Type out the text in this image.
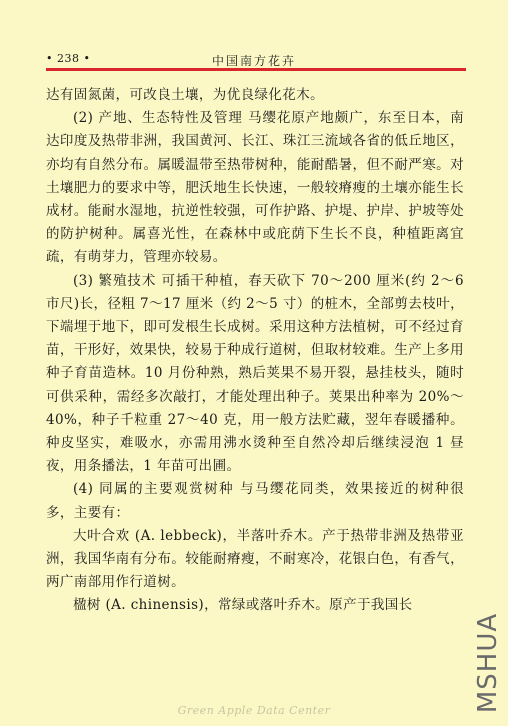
• 238 •	中国南方花卉

达有固氮菌，可改良土壤，为优良绿化花木。

(2) 产地、生态特性及管理 马缨花原产地颇广，东至日本，南达印度及热带非洲，我国黄河、长江、珠江三流域各省的低丘地区，亦均有自然分布。属暖温带至热带树种，能耐酷暑，但不耐严寒。对土壤肥力的要求中等，肥沃地生长快速，一般较瘠瘦的土壤亦能生长成材。能耐水湿地，抗逆性较强，可作护路、护堤、护岸、护坡等处的防护树种。属喜光性，在森林中或庇荫下生长不良，种植距离宜疏，有萌芽力，管理亦较易。

(3) 繁殖技术 可插干种植，春天砍下 70～200 厘米(约 2～6 市尺)长，径粗 7～17 厘米（约 2～5 寸）的桩木，全部剪去枝叶，下端埋于地下，即可发根生长成树。采用这种方法植树，可不经过育苗，干形好，效果快，较易于种成行道树，但取材较难。生产上多用种子育苗造林。10 月份种熟，熟后荚果不易开裂，悬挂枝头，随时可供采种，需经多次敲打，才能处理出种子。荚果出种率为 20%～40%，种子千粒重 27～40 克，用一般方法贮藏，翌年春暖播种。种皮坚实，难吸水，亦需用沸水烫种至自然冷却后继续浸泡 1 昼夜，用条播法，1 年苗可出圃。

(4) 同属的主要观赏树种 与马缨花同类，效果接近的树种很多，主要有：

大叶合欢 (A. lebbeck)，半落叶乔木。产于热带非洲及热带亚洲，我国华南有分布。较能耐瘠瘦，不耐寒冷，花银白色，有香气，两广南部用作行道树。

楹树 (A. chinensis)，常绿或落叶乔木。原产于我国长

MSHUA
Green Apple Data Center
